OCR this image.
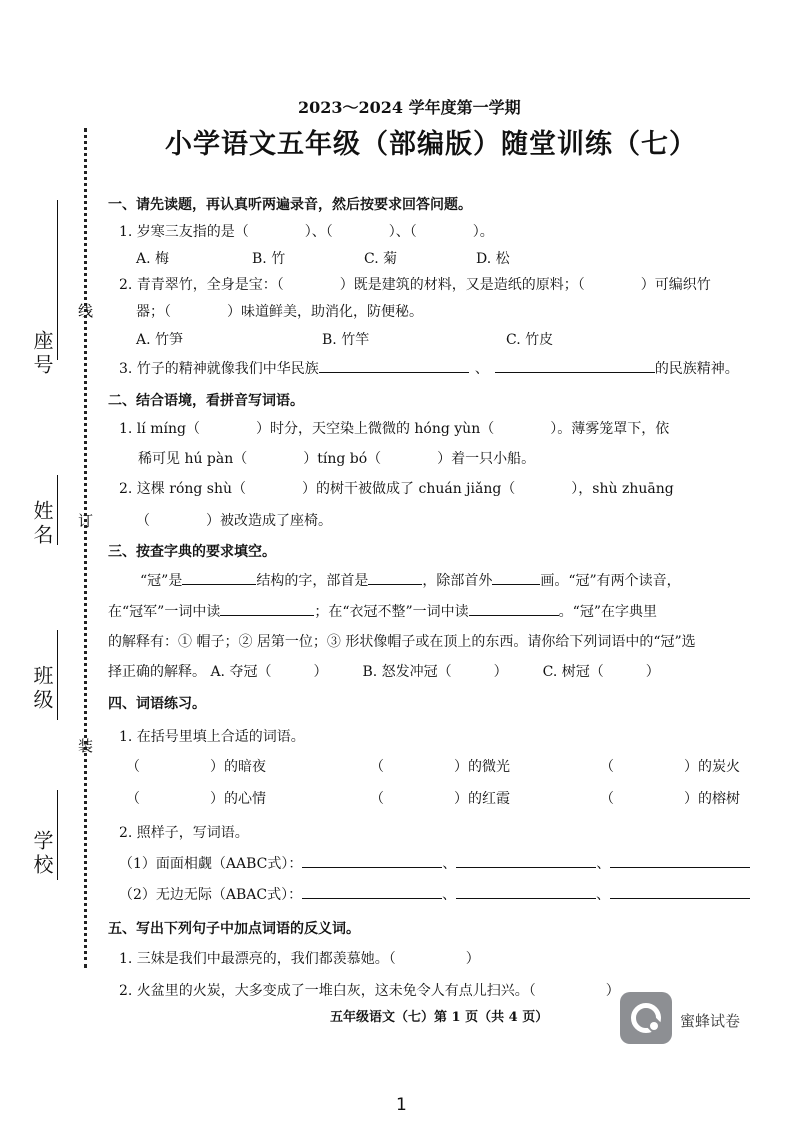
2023～2024 学年度第一学期
小学语文五年级（部编版）随堂训练（七）
座号
姓名
班级
学校
线
订
装
一、请先读题，再认真听两遍录音，然后按要求回答问题。
1. 岁寒三友指的是（　　　　）、（　　　　）、（　　　　）。
A. 梅	B. 竹	C. 菊	D. 松
2. 青青翠竹，全身是宝：（　　　　）既是建筑的材料，又是造纸的原料；（　　　　）可编织竹
器；（　　　　）味道鲜美，助消化，防便秘。
A. 竹笋	B. 竹竿	C. 竹皮
3. 竹子的精神就像我们中华民族	、	的民族精神。
二、结合语境，看拼音写词语。
1. lí míng（　　　　）时分，天空染上微微的 hóng yùn（　　　　）。薄雾笼罩下，依
稀可见 hú pàn（　　　　）tíng bó（　　　　）着一只小船。
2. 这棵 róng shù（　　　　）的树干被做成了 chuán jiǎng（　　　　），shù zhuāng
（　　　　）被改造成了座椅。
三、按查字典的要求填空。
“冠”是	结构的字，部首是	，除部首外	画。“冠”有两个读音，
在“冠军”一词中读	；在“衣冠不整”一词中读	。“冠”在字典里
的解释有：① 帽子；② 居第一位；③ 形状像帽子或在顶上的东西。请你给下列词语中的“冠”选
择正确的解释。 A. 夺冠（　　　）　　　B. 怒发冲冠（　　　）　　　C. 树冠（　　　）
四、词语练习。
1. 在括号里填上合适的词语。
（　　　　　）的暗夜	（　　　　　）的微光	（　　　　　）的炭火
（　　　　　）的心情	（　　　　　）的红霞	（　　　　　）的榕树
2. 照样子，写词语。
（1）面面相觑（AABC式）：	、	、
（2）无边无际（ABAC式）：	、	、
五、写出下列句子中加点词语的反义词。
1. 三妹是我们中最漂亮的，我们都羡慕她。（　　　　　）
2. 火盆里的火炭，大多变成了一堆白灰，这未免令人有点儿扫兴。（　　　　　）
五年级语文（七）第 1 页（共 4 页）	蜜蜂试卷
1
